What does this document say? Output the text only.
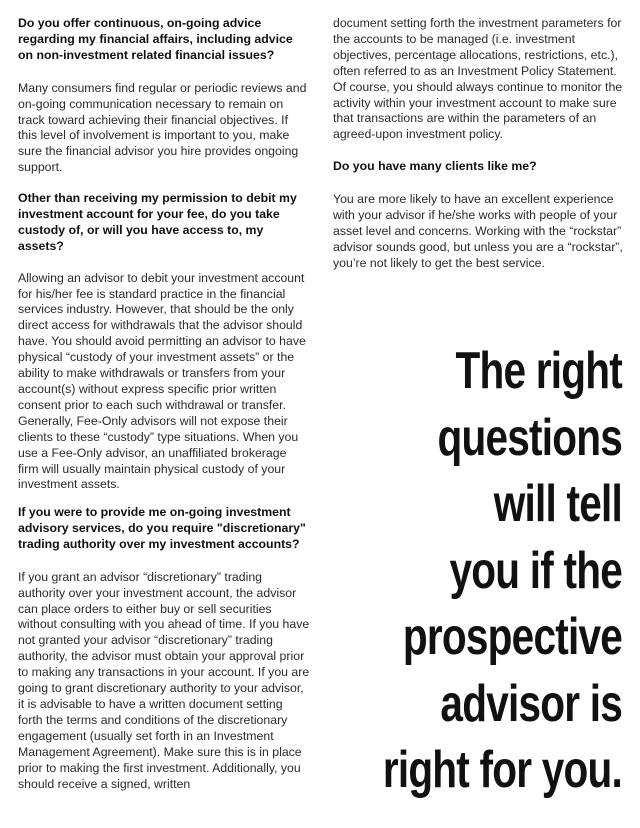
Do you offer continuous, on-going advice regarding my financial affairs, including advice on non-investment related financial issues?

Many consumers find regular or periodic reviews and on-going communication necessary to remain on track toward achieving their financial objectives. If this level of involvement is important to you, make sure the financial advisor you hire provides ongoing support.

Other than receiving my permission to debit my investment account for your fee, do you take custody of, or will you have access to, my assets?

Allowing an advisor to debit your investment account for his/her fee is standard practice in the financial services industry. However, that should be the only direct access for withdrawals that the advisor should have. You should avoid permitting an advisor to have physical “custody of your investment assets” or the ability to make withdrawals or transfers from your account(s) without express specific prior written consent prior to each such withdrawal or transfer. Generally, Fee-Only advisors will not expose their clients to these “custody” type situations. When you use a Fee-Only advisor, an unaffiliated brokerage firm will usually maintain physical custody of your investment assets.

If you were to provide me on-going investment advisory services, do you require "discretionary" trading authority over my investment accounts?

If you grant an advisor “discretionary” trading authority over your investment account, the advisor can place orders to either buy or sell securities without consulting with you ahead of time. If you have not granted your advisor “discretionary” trading authority, the advisor must obtain your approval prior to making any transactions in your account. If you are going to grant discretionary authority to your advisor, it is advisable to have a written document setting forth the terms and conditions of the discretionary engagement (usually set forth in an Investment Management Agreement). Make sure this is in place prior to making the first investment. Additionally, you should receive a signed, written

document setting forth the investment parameters for the accounts to be managed (i.e. investment objectives, percentage allocations, restrictions, etc.), often referred to as an Investment Policy Statement. Of course, you should always continue to monitor the activity within your investment account to make sure that transactions are within the parameters of an agreed-upon investment policy.

Do you have many clients like me?

You are more likely to have an excellent experience with your advisor if he/she works with people of your asset level and concerns. Working with the “rockstar” advisor sounds good, but unless you are a “rockstar”, you’re not likely to get the best service.

The right
questions
will tell
you if the
prospective
advisor is
right for you.
